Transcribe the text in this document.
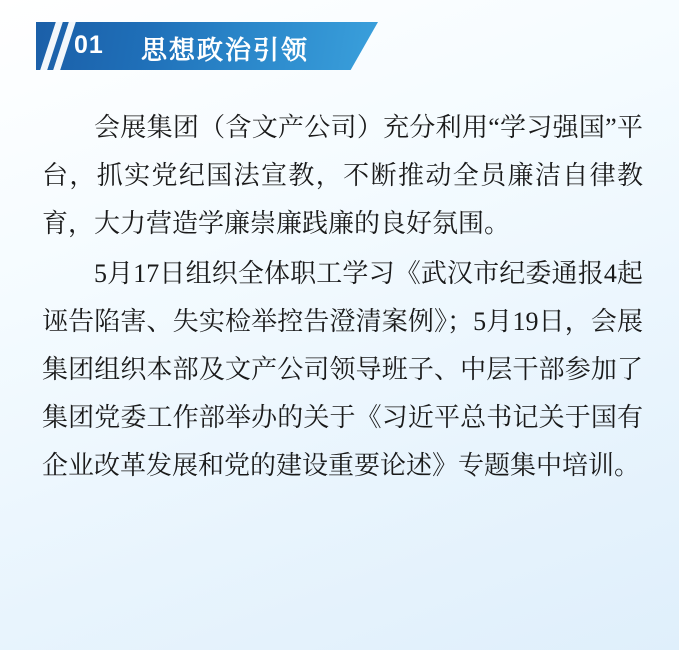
01 思想政治引领

会展集团（含文产公司）充分利用“学习强国”平台，抓实党纪国法宣教，不断推动全员廉洁自律教育，大力营造学廉崇廉践廉的良好氛围。

5月17日组织全体职工学习《武汉市纪委通报4起诬告陷害、失实检举控告澄清案例》；5月19日，会展集团组织本部及文产公司领导班子、中层干部参加了集团党委工作部举办的关于《习近平总书记关于国有企业改革发展和党的建设重要论述》专题集中培训。
